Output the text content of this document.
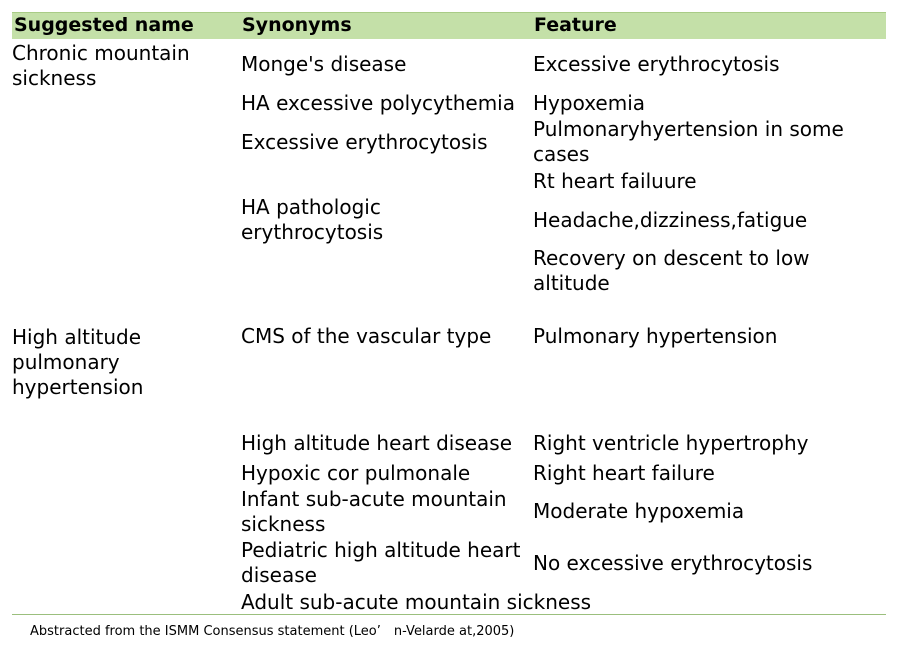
Suggested name	Synonyms	Feature
Chronic mountain
sickness
Monge's disease
HA excessive polycythemia
Excessive erythrocytosis
HA pathologic
erythrocytosis
Excessive erythrocytosis
Hypoxemia
Pulmonaryhyertension in some
cases
Rt heart failuure
Headache,dizziness,fatigue
Recovery on descent to low
altitude
High altitude
pulmonary
hypertension
CMS of the vascular type
High altitude heart disease
Hypoxic cor pulmonale
Infant sub-acute mountain
sickness
Pediatric high altitude heart
disease
Adult sub-acute mountain sickness
Pulmonary hypertension
Right ventricle hypertrophy
Right heart failure
Moderate hypoxemia
No excessive erythrocytosis
Abstracted from the ISMM Consensus statement (Leo’　n-Velarde at,2005)
